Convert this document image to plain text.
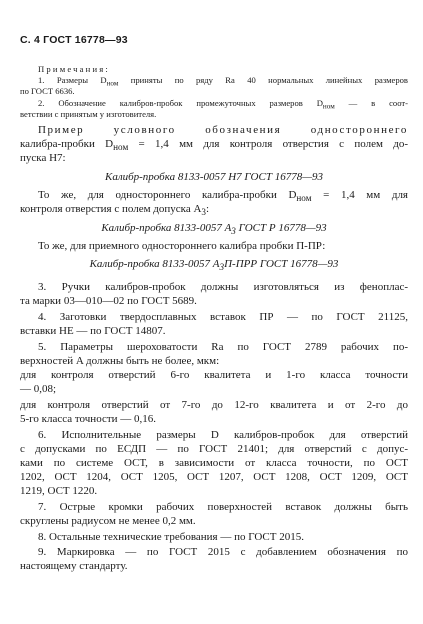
С. 4 ГОСТ 16778—93
Примечания:
1. Размеры $D_{ном}$ приняты по ряду Ra 40 нормальных линейных размеров
по ГОСТ 6636.
2. Обозначение калибров-пробок промежуточных размеров $D_{ном}$ — в соот-
ветствии с принятым у изготовителя.
Пример условного обозначения одностороннего
калибра-пробки $D_{ном} = 1,4$ мм для контроля отверстия с полем до-
пуска H7:
Калибр-пробка 8133-0057 H7 ГОСТ 16778—93
То же, для одностороннего калибра-пробки $D_{ном} = 1,4$ мм для
контроля отверстия с полем допуска $A_3$:
Калибр-пробка 8133-0057 $A_3$ ГОСТ Р 16778—93
То же, для приемного одностороннего калибра пробки П-ПР:
Калибр-пробка 8133-0057 $A_3П$-ПРР ГОСТ 16778—93
3. Ручки калибров-пробок должны изготовляться из феноплас-
та марки 03—010—02 по ГОСТ 5689.
4. Заготовки твердосплавных вставок ПР — по ГОСТ 21125,
вставки НЕ — по ГОСТ 14807.
5. Параметры шероховатости Ra по ГОСТ 2789 рабочих по-
верхностей A должны быть не более, мкм:
для контроля отверстий 6-го квалитета и 1-го класса точности
— 0,08;
для контроля отверстий от 7-го до 12-го квалитета и от 2-го до
5-го класса точности — 0,16.
6. Исполнительные размеры D калибров-пробок для отверстий
с допусками по ЕСДП — по ГОСТ 21401; для отверстий с допус-
ками по системе ОСТ, в зависимости от класса точности, по ОСТ
1202, ОСТ 1204, ОСТ 1205, ОСТ 1207, ОСТ 1208, ОСТ 1209, ОСТ
1219, ОСТ 1220.
7. Острые кромки рабочих поверхностей вставок должны быть
скруглены радиусом не менее 0,2 мм.
8. Остальные технические требования — по ГОСТ 2015.
9. Маркировка — по ГОСТ 2015 с добавлением обозначения по
настоящему стандарту.
